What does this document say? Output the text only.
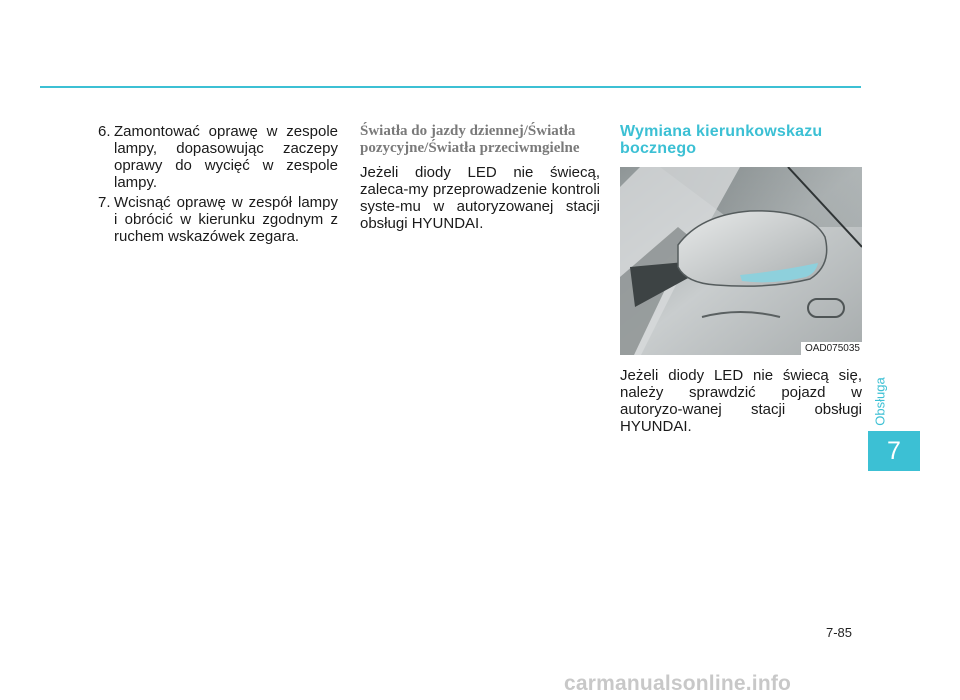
6. Zamontować oprawę w zespole lampy, dopasowując zaczepy oprawy do wycięć w zespole lampy.
7. Wcisnąć oprawę w zespół lampy i obrócić w kierunku zgodnym z ruchem wskazówek zegara.
Światła do jazdy dziennej/Światła pozycyjne/Światła przeciwmgielne

Jeżeli diody LED nie świecą, zaleca-my przeprowadzenie kontroli syste-mu w autoryzowanej stacji obsługi HYUNDAI.

Wymiana kierunkowskazu bocznego
OAD075035

Jeżeli diody LED nie świecą się, należy sprawdzić pojazd w autoryzo-wanej stacji obsługi HYUNDAI.

Obsługa
7
7-85
carmanualsonline.info
